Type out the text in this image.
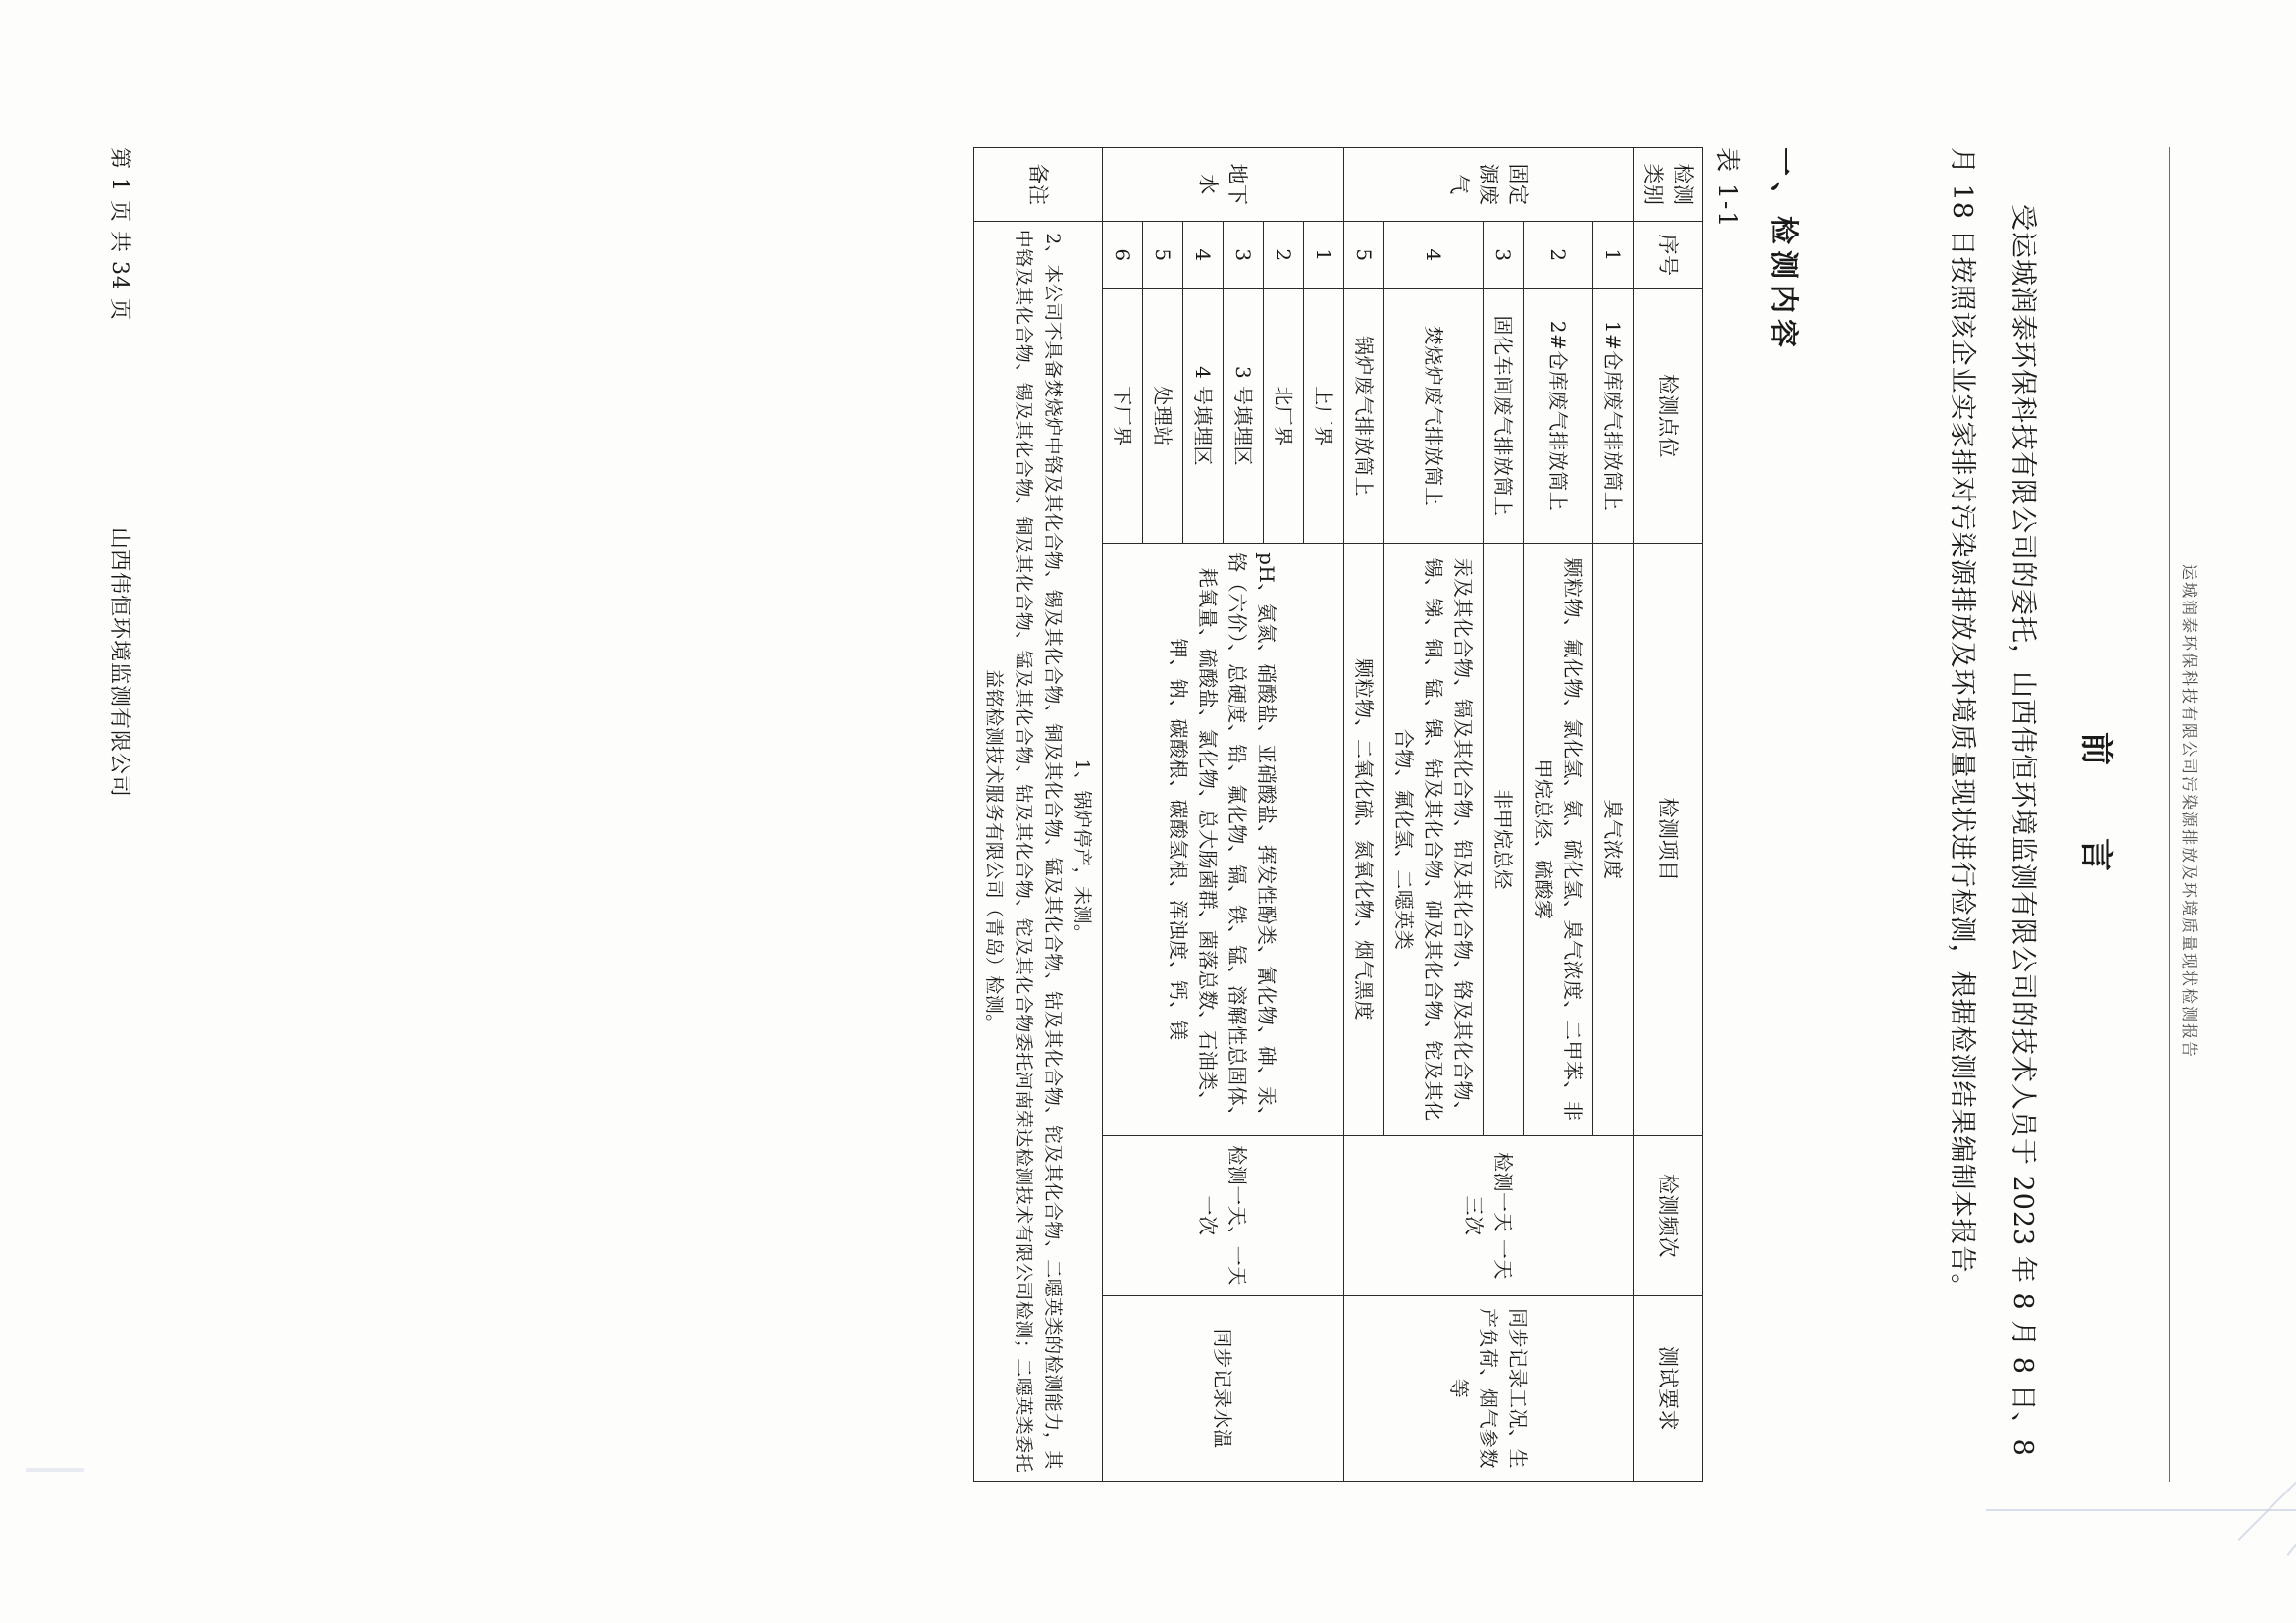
运城润泰环保科技有限公司污染源排放及环境质量现状检测报告
前　言
受运城润泰环保科技有限公司的委托，山西伟恒环境监测有限公司的技术人员于 2023 年 8 月 8 日、8 月 18 日按照该企业实家排对污染源排放及环境质量现状进行检测，根据检测结果编制本报告。
一、检测内容
表 1-1
检测类别	序号	检测点位	检测项目	检测频次	测试要求
固定源废气	1	1#仓库废气排放筒上	臭气浓度	检测一天 一天三次	同步记录工况、生产负荷、烟气参数等
	2	2#仓库废气排放筒上	颗粒物、氟化物、氯化氢、氨、硫化氢、臭气浓度、二甲苯、非甲烷总烃、硫酸雾		
	3	固化车间废气排放筒上	非甲烷总烃		
	4	焚烧炉废气排放筒上	汞及其化合物、镉及其化合物、铅及其化合物、铬及其化合物、锡、锑、铜、锰、镍、钴及其化合物、砷及其化合物、铊及其化合物、氟化氢、二噁英类		
	5	锅炉废气排放筒上	颗粒物、二氧化硫、氮氧化物、烟气黑度		
地下水	1	上厂界	pH、氨氮、硝酸盐、亚硝酸盐、挥发性酚类、氰化物、砷、汞、铬（六价）、总硬度、铅、氟化物、镉、铁、锰、溶解性总固体、耗氧量、硫酸盐、氯化物、总大肠菌群、菌落总数、石油类、钾、钠、碳酸根、碳酸氢根、浑浊度、钙、镁	检测一天、一天一次	同步记录水温
	2	北厂界			
	3	3 号填埋区			
	4	4 号填埋区			
	5	处理站			
	6	下厂界			
备注	1、锅炉停产，未测。
2、本公司不具备焚烧炉中铬及其化合物、锡及其化合物、铜及其化合物、锰及其化合物、钴及其化合物、铊及其化合物、二噁英类的检测能力，其中铬及其化合物、锡及其化合物、铜及其化合物、锰及其化合物、钴及其化合物、铊及其化合物委托河南荣达检测技术有限公司检测；二噁英类委托益铭检测技术服务有限公司（青岛）检测。				
第 1 页 共 34 页
山西伟恒环境监测有限公司
